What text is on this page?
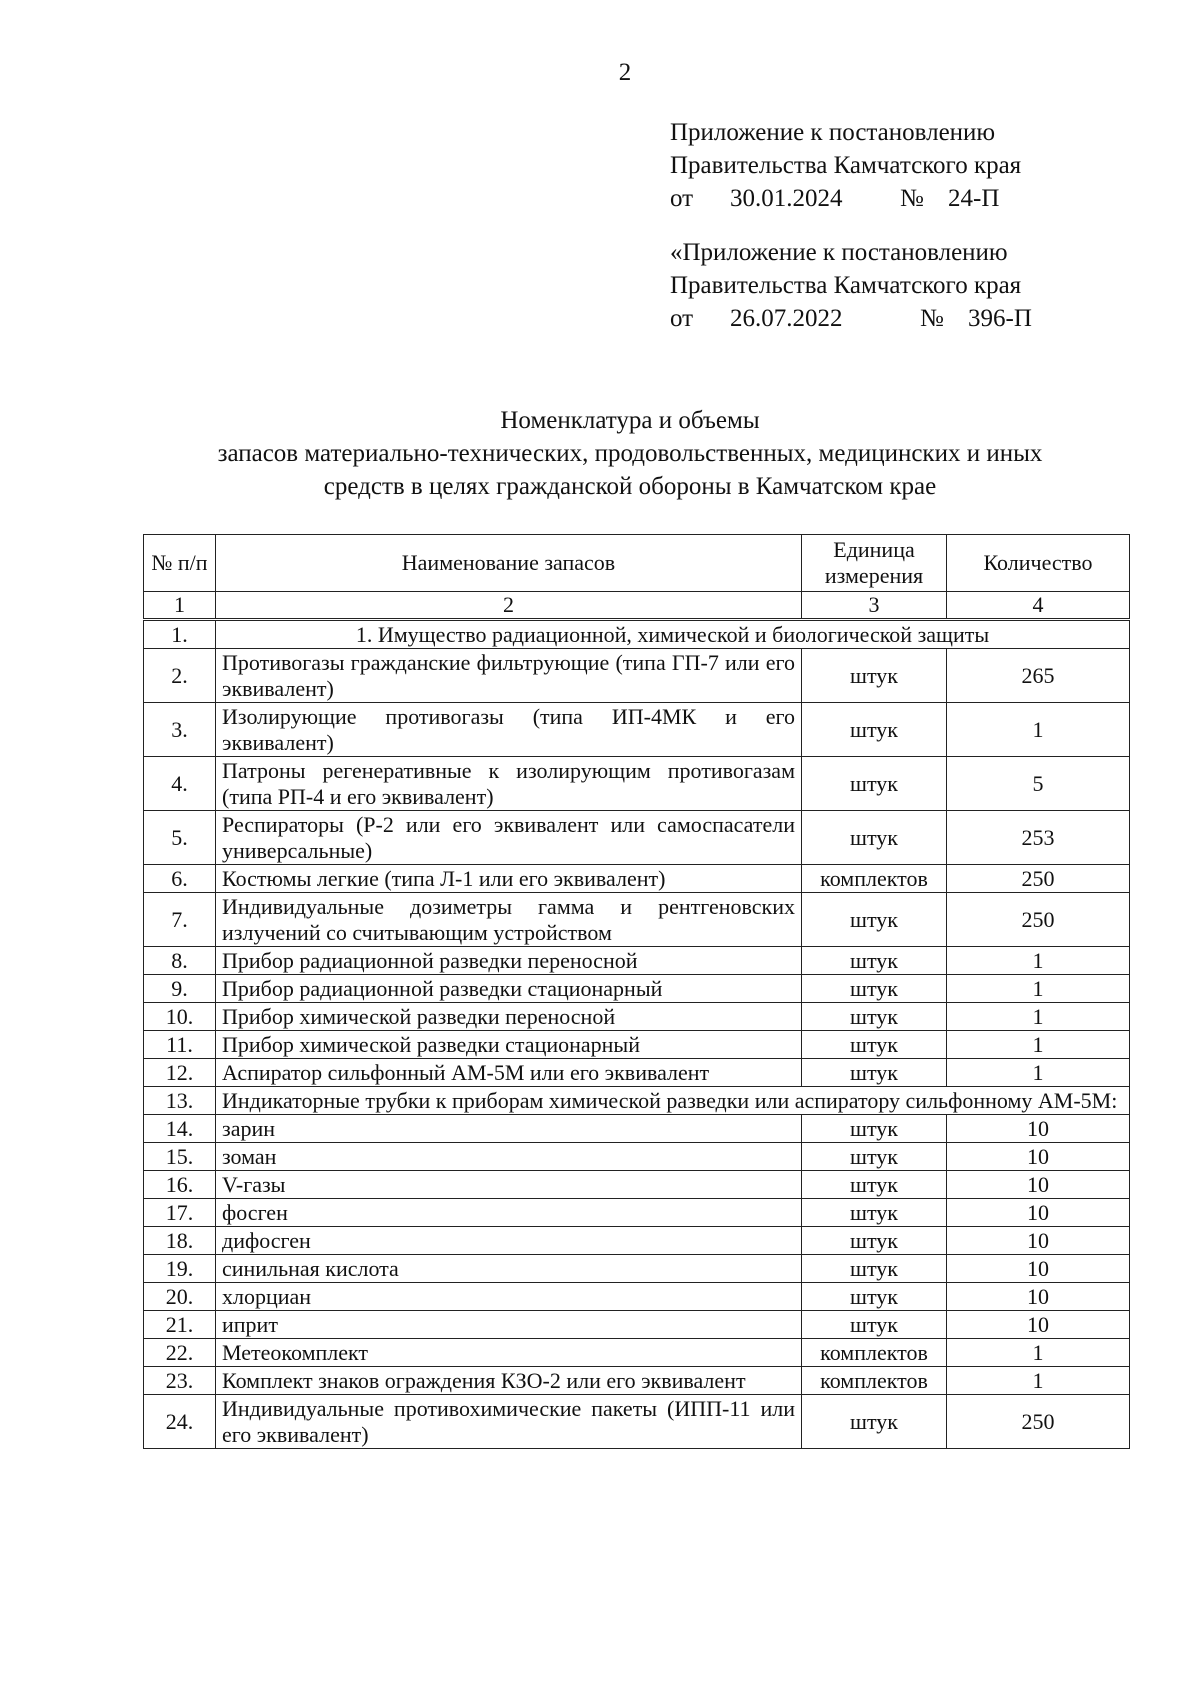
2
Приложение к постановлению
Правительства Камчатского края
от 30.01.2024 № 24-П
«Приложение к постановлению
Правительства Камчатского края
от 26.07.2022	№ 396-П
Номенклатура и объемы
запасов материально-технических, продовольственных, медицинских и иных
средств в целях гражданской обороны в Камчатском крае
№ п/п	Наименование запасов	Единица измерения	Количество
1	2	3	4
1.	1. Имущество радиационной, химической и биологической защиты		
2.	Противогазы гражданские фильтрующие (типа ГП-7 или его эквивалент)	штук	265
3.	Изолирующие противогазы (типа ИП-4МК и его эквивалент)	штук	1
4.	Патроны регенеративные к изолирующим противогазам (типа РП-4 и его эквивалент)	штук	5
5.	Респираторы (Р-2 или его эквивалент или самоспасатели универсальные)	штук	253
6.	Костюмы легкие (типа Л-1 или его эквивалент)	комплектов	250
7.	Индивидуальные дозиметры гамма и рентгеновских излучений со считывающим устройством	штук	250
8.	Прибор радиационной разведки переносной	штук	1
9.	Прибор радиационной разведки стационарный	штук	1
10.	Прибор химической разведки переносной	штук	1
11.	Прибор химической разведки стационарный	штук	1
12.	Аспиратор сильфонный АМ-5М или его эквивалент	штук	1
13.	Индикаторные трубки к приборам химической разведки или аспиратору сильфонному АМ-5М:		
14.	зарин	штук	10
15.	зоман	штук	10
16.	V-газы	штук	10
17.	фосген	штук	10
18.	дифосген	штук	10
19.	синильная кислота	штук	10
20.	хлорциан	штук	10
21.	иприт	штук	10
22.	Метеокомплект	комплектов	1
23.	Комплект знаков ограждения КЗО-2 или его эквивалент	комплектов	1
24.	Индивидуальные противохимические пакеты (ИПП-11 или его эквивалент)	штук	250
